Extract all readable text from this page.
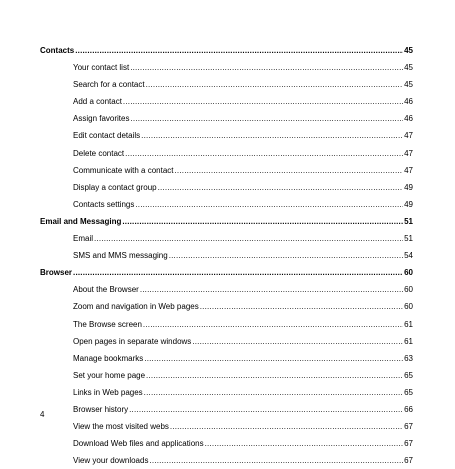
Contacts .....	45
Your contact list .....	45
Search for a contact .....	45
Add a contact .....	46
Assign favorites .....	46
Edit contact details .....	47
Delete contact .....	47
Communicate with a contact .....	47
Display a contact group .....	49
Contacts settings .....	49
Email and Messaging .....	51
Email .....	51
SMS and MMS messaging .....	54
Browser .....	60
About the Browser .....	60
Zoom and navigation in Web pages .....	60
The Browse screen .....	61
Open pages in separate windows .....	61
Manage bookmarks .....	63
Set your home page .....	65
Links in Web pages .....	65
Browser history .....	66
View the most visited webs .....	67
Download Web files and applications .....	67
View your downloads .....	67
4
